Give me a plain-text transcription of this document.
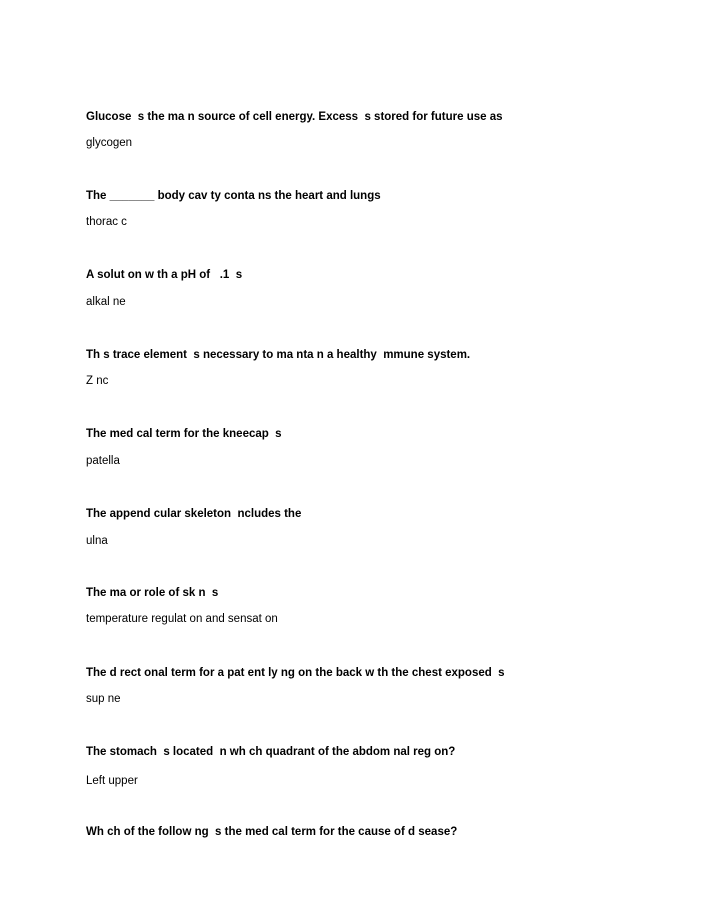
Glucose  s the ma n source of cell energy. Excess  s stored for future use as
glycogen
The _______ body cav ty conta ns the heart and lungs
thorac c
A solut on w th a pH of   .1  s
alkal ne
Th s trace element  s necessary to ma nta n a healthy  mmune system.
Z nc
The med cal term for the kneecap  s
patella
The append cular skeleton  ncludes the
ulna
The ma or role of sk n  s
temperature regulat on and sensat on
The d rect onal term for a pat ent ly ng on the back w th the chest exposed  s
sup ne
The stomach  s located  n wh ch quadrant of the abdom nal reg on?
Left upper
Wh ch of the follow ng  s the med cal term for the cause of d sease?
